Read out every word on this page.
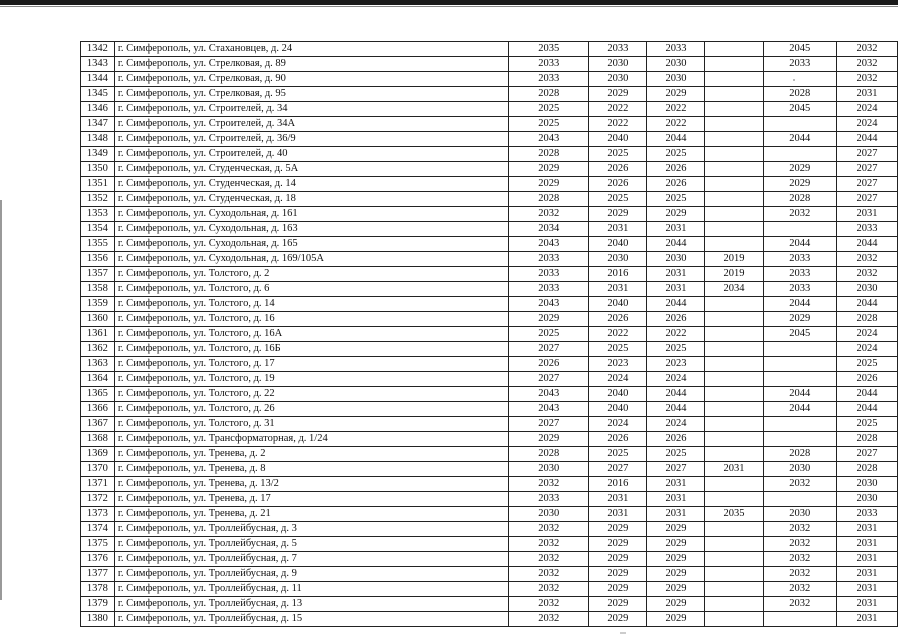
1342	г. Симферополь, ул. Стахановцев, д. 24	2035	2033	2033		2045	2032
1343	г. Симферополь, ул. Стрелковая, д. 89	2033	2030	2030		2033	2032
1344	г. Симферополь, ул. Стрелковая, д. 90	2033	2030	2030			2032
1345	г. Симферополь, ул. Стрелковая, д. 95	2028	2029	2029		2028	2031
1346	г. Симферополь, ул. Строителей, д. 34	2025	2022	2022		2045	2024
1347	г. Симферополь, ул. Строителей, д. 34А	2025	2022	2022			2024
1348	г. Симферополь, ул. Строителей, д. 36/9	2043	2040	2044		2044	2044
1349	г. Симферополь, ул. Строителей, д. 40	2028	2025	2025			2027
1350	г. Симферополь, ул. Студенческая, д. 5А	2029	2026	2026		2029	2027
1351	г. Симферополь, ул. Студенческая, д. 14	2029	2026	2026		2029	2027
1352	г. Симферополь, ул. Студенческая, д. 18	2028	2025	2025		2028	2027
1353	г. Симферополь, ул. Суходольная, д. 161	2032	2029	2029		2032	2031
1354	г. Симферополь, ул. Суходольная, д. 163	2034	2031	2031			2033
1355	г. Симферополь, ул. Суходольная, д. 165	2043	2040	2044		2044	2044
1356	г. Симферополь, ул. Суходольная, д. 169/105А	2033	2030	2030	2019	2033	2032
1357	г. Симферополь, ул. Толстого, д. 2	2033	2016	2031	2019	2033	2032
1358	г. Симферополь, ул. Толстого, д. 6	2033	2031	2031	2034	2033	2030
1359	г. Симферополь, ул. Толстого, д. 14	2043	2040	2044		2044	2044
1360	г. Симферополь, ул. Толстого, д. 16	2029	2026	2026		2029	2028
1361	г. Симферополь, ул. Толстого, д. 16А	2025	2022	2022		2045	2024
1362	г. Симферополь, ул. Толстого, д. 16Б	2027	2025	2025			2024
1363	г. Симферополь, ул. Толстого, д. 17	2026	2023	2023			2025
1364	г. Симферополь, ул. Толстого, д. 19	2027	2024	2024			2026
1365	г. Симферополь, ул. Толстого, д. 22	2043	2040	2044		2044	2044
1366	г. Симферополь, ул. Толстого, д. 26	2043	2040	2044		2044	2044
1367	г. Симферополь, ул. Толстого, д. 31	2027	2024	2024			2025
1368	г. Симферополь, ул. Трансформаторная, д. 1/24	2029	2026	2026			2028
1369	г. Симферополь, ул. Тренева, д. 2	2028	2025	2025		2028	2027
1370	г. Симферополь, ул. Тренева, д. 8	2030	2027	2027	2031	2030	2028
1371	г. Симферополь, ул. Тренева, д. 13/2	2032	2016	2031		2032	2030
1372	г. Симферополь, ул. Тренева, д. 17	2033	2031	2031			2030
1373	г. Симферополь, ул. Тренева, д. 21	2030	2031	2031	2035	2030	2033
1374	г. Симферополь, ул. Троллейбусная, д. 3	2032	2029	2029		2032	2031
1375	г. Симферополь, ул. Троллейбусная, д. 5	2032	2029	2029		2032	2031
1376	г. Симферополь, ул. Троллейбусная, д. 7	2032	2029	2029		2032	2031
1377	г. Симферополь, ул. Троллейбусная, д. 9	2032	2029	2029		2032	2031
1378	г. Симферополь, ул. Троллейбусная, д. 11	2032	2029	2029		2032	2031
1379	г. Симферополь, ул. Троллейбусная, д. 13	2032	2029	2029		2032	2031
1380	г. Симферополь, ул. Троллейбусная, д. 15	2032	2029	2029			2031
